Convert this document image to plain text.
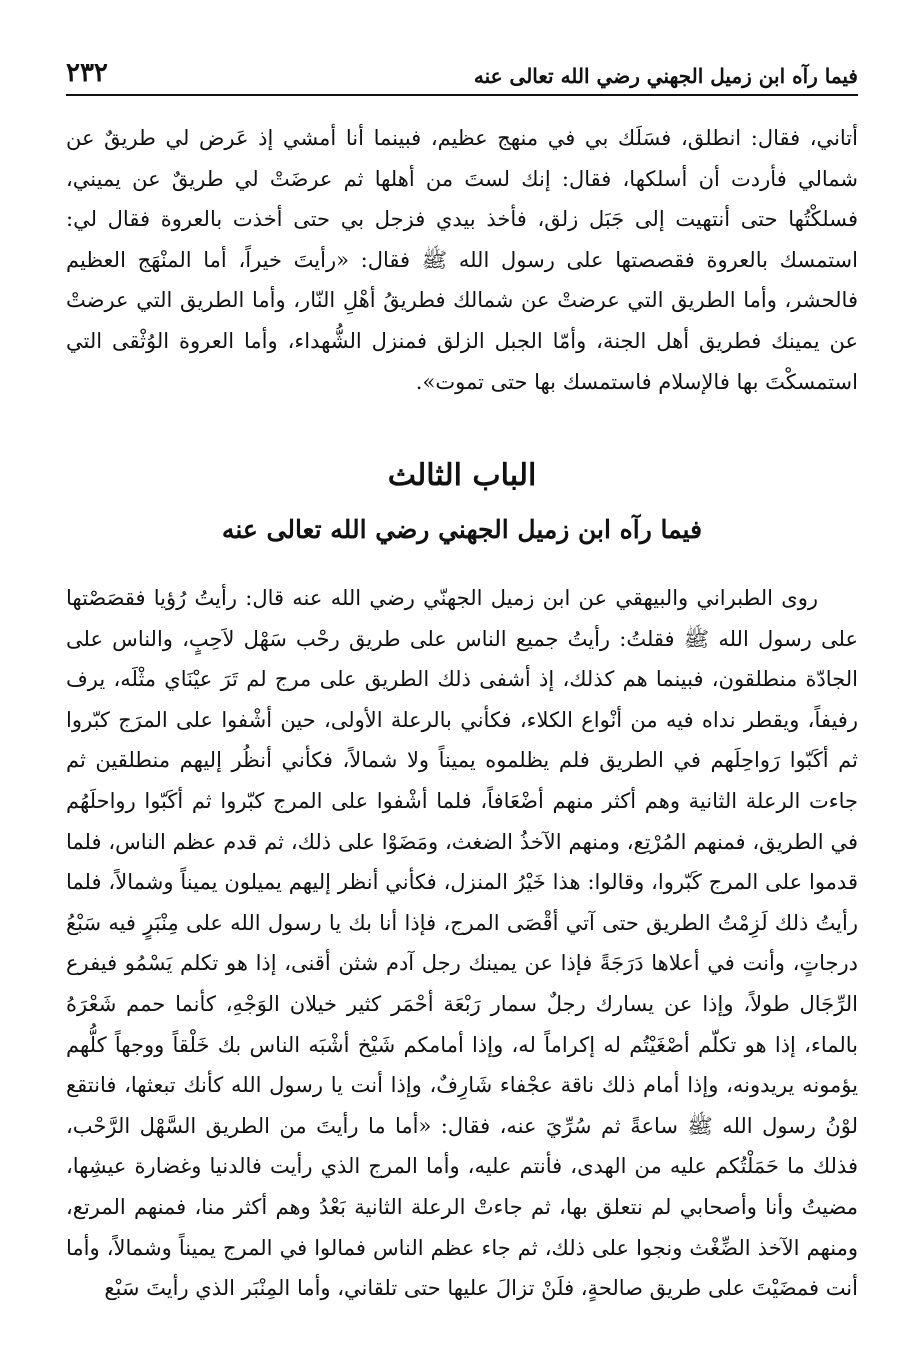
فيما رآه ابن زميل الجهني رضي الله تعالى عنه
٢٣٢

أتاني، فقال: انطلق، فسَلَك بي في منهج عظيم، فبينما أنا أمشي إذ عَرض لي طريقٌ عن شمالي فأردت أن أسلكها، فقال: إنك لستَ من أهلها ثم عرضَتْ لي طريقٌ عن يميني، فسلكْتُها حتى أنتهيت إلى جَبَل زلق، فأخذ بيدي فزجل بي حتى أخذت بالعروة فقال لي: استمسك بالعروة فقصصتها على رسول الله ﷺ فقال: «رأيتَ خيراً، أما المنْهَج العظيم فالحشر، وأما الطريق التي عرضتْ عن شمالك فطريقُ أهْلِ النّار، وأما الطريق التي عرضتْ عن يمينك فطريق أهل الجنة، وأمّا الجبل الزلق فمنزل الشُّهداء، وأما العروة الوُثْقى التي استمسكْتَ بها فالإسلام فاستمسك بها حتى تموت».

الباب الثالث
فيما رآه ابن زميل الجهني رضي الله تعالى عنه

روى الطبراني والبيهقي عن ابن زميل الجهنّي رضي الله عنه قال: رأيتُ رُؤيا فقصَصْتها على رسول الله ﷺ فقلتُ: رأيتُ جميع الناس على طريق رحْب سَهْل لاَحِبٍ، والناس على الجادّة منطلقون، فبينما هم كذلك، إذ أشفى ذلك الطريق على مرج لم تَرَ عيْنَاي مثْلَه، يرف رفيفاً، ويقطر نداه فيه من أنْواع الكلاء، فكأني بالرعلة الأولى، حين أشْفوا على المرَج كبّروا ثم أكَبّوا رَواحِلَهم في الطريق فلم يظلموه يميناً ولا شمالاً، فكأني أنظُر إليهم منطلقين ثم جاءت الرعلة الثانية وهم أكثر منهم أضْعَافاً، فلما أشْفوا على المرج كبّروا ثم أكَبّوا رواحلَهُم في الطريق، فمنهم المُرْتِع، ومنهم الآخذُ الضغث، ومَضَوْا على ذلك، ثم قدم عظم الناس، فلما قدموا على المرج كَبّروا، وقالوا: هذا خَيْرُ المنزل، فكأني أنظر إليهم يميلون يميناً وشمالاً، فلما رأيتُ ذلك لَزِمْتُ الطريق حتى آتي أقْصَى المرج، فإذا أنا بك يا رسول الله على مِنْبَرٍ فيه سَبْعُ درجاتٍ، وأنت في أعلاها دَرَجَةً فإذا عن يمينك رجل آدم شثن أقنى، إذا هو تكلم يَسْمُو فيفرع الرِّجَال طولاً، وإذا عن يسارك رجلٌ سمار رَبْعَة أحْمَر كثير خيلان الوَجْهِ، كأنما حمم شَعْرَهُ بالماء، إذا هو تكلّم أصْغَيْتُم له إكراماً له، وإذا أمامكم شَيْخ أشْبَه الناس بك خَلْقاً ووجهاً كلُّهم يؤمونه يريدونه، وإذا أمام ذلك ناقة عجْفاء شَارِفٌ، وإذا أنت يا رسول الله كأنك تبعثها، فانتقع لوْنُ رسول الله ﷺ ساعةً ثم سُرِّيَ عنه، فقال: «أما ما رأيتَ من الطريق السَّهْل الرَّحْب، فذلك ما حَمَلْتُكم عليه من الهدى، فأنتم عليه، وأما المرج الذي رأيت فالدنيا وغضارة عيشِها، مضيتُ وأنا وأصحابي لم نتعلق بها، ثم جاءتْ الرعلة الثانية بَعْدُ وهم أكثر منا، فمنهم المرتع، ومنهم الآخذ الضِّغْث ونجوا على ذلك، ثم جاء عظم الناس فمالوا في المرج يميناً وشمالاً، وأما أنت فمضَيْتَ على طريق صالحةٍ، فلَنْ تزالَ عليها حتى تلقاني، وأما المِنْبَر الذي رأيتَ سَبْع
